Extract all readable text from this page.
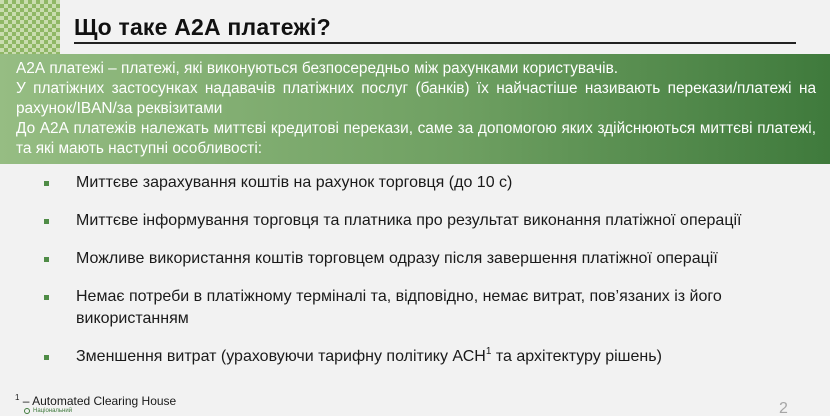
Що таке А2А платежі?

А2А платежі – платежі, які виконуються безпосередньо між рахунками користувачів.

У платіжних застосунках надавачів платіжних послуг (банків) їх найчастіше називають перекази/платежі на рахунок/IBAN/за реквізитами

До А2А платежів належать миттєві кредитові перекази, саме за допомогою яких здійснюються миттєві платежі, та які мають наступні особливості:

Миттєве зарахування коштів на рахунок торговця (до 10 с)
Миттєве інформування торговця та платника про результат виконання платіжної операції
Можливе використання коштів торговцем одразу після завершення платіжної операції
Немає потреби в платіжному терміналі та, відповідно, немає витрат, пов’язаних із його використанням
Зменшення витрат (ураховуючи тарифну політику АСН$^1$ та архітектуру рішень)
$^1$ – Automated Clearing House
Національний	2
